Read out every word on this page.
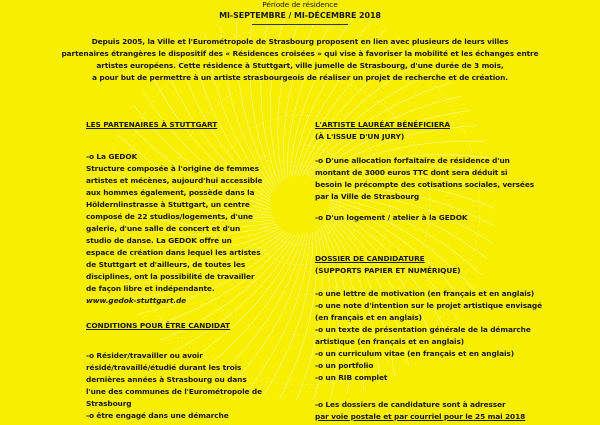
Période de résidence
MI-SEPTEMBRE / MI-DÉCEMBRE 2018
Depuis 2005, la Ville et l'Eurométropole de Strasbourg proposent en lien avec plusieurs de leurs villes
partenaires étrangères le dispositif des « Résidences croisées » qui vise à favoriser la mobilité et les échanges entre
artistes européens. Cette résidence à Stuttgart, ville jumelle de Strasbourg, d'une durée de 3 mois,
a pour but de permettre à un artiste strasbourgeois de réaliser un projet de recherche et de création.
LES PARTENAIRES À STUTTGART
-o La GEDOK
Structure composée à l'origine de femmes
artistes et mécènes, aujourd'hui accessible
aux hommes également, possède dans la
Höldernlinstrasse à Stuttgart, un centre
composé de 22 studios/logements, d'une
galerie, d'une salle de concert et d'un
studio de danse. La GEDOK offre un
espace de création dans lequel les artistes
de Stuttgart et d'ailleurs, de toutes les
disciplines, ont la possibilité de travailler
de façon libre et indépendante.
www.gedok-stuttgart.de
CONDITIONS POUR ÊTRE CANDIDAT
-o Résider/travailler ou avoir
résidé/travaillé/étudié durant les trois
dernières années à Strasbourg ou dans
l'une des communes de l'Eurométropole de
Strasbourg
-o être engagé dans une démarche
L'ARTISTE LAURÉAT BÉNÉFICIERA
(À L'ISSUE D'UN JURY)
-o D'une allocation forfaitaire de résidence d'un
montant de 3000 euros TTC dont sera déduit si
besoin le précompte des cotisations sociales, versées
par la Ville de Strasbourg
-o D'un logement / atelier à la GEDOK
DOSSIER DE CANDIDATURE
(SUPPORTS PAPIER ET NUMÉRIQUE)
-o une lettre de motivation (en français et en anglais)
-o une note d'intention sur le projet artistique envisagé
(en français et en anglais)
-o un texte de présentation générale de la démarche
artistique (en français et en anglais)
-o un curriculum vitae (en français et en anglais)
-o un portfolio
-o un RIB complet
-o Les dossiers de candidature sont à adresser
par voie postale et par courriel pour le 25 mai 2018
